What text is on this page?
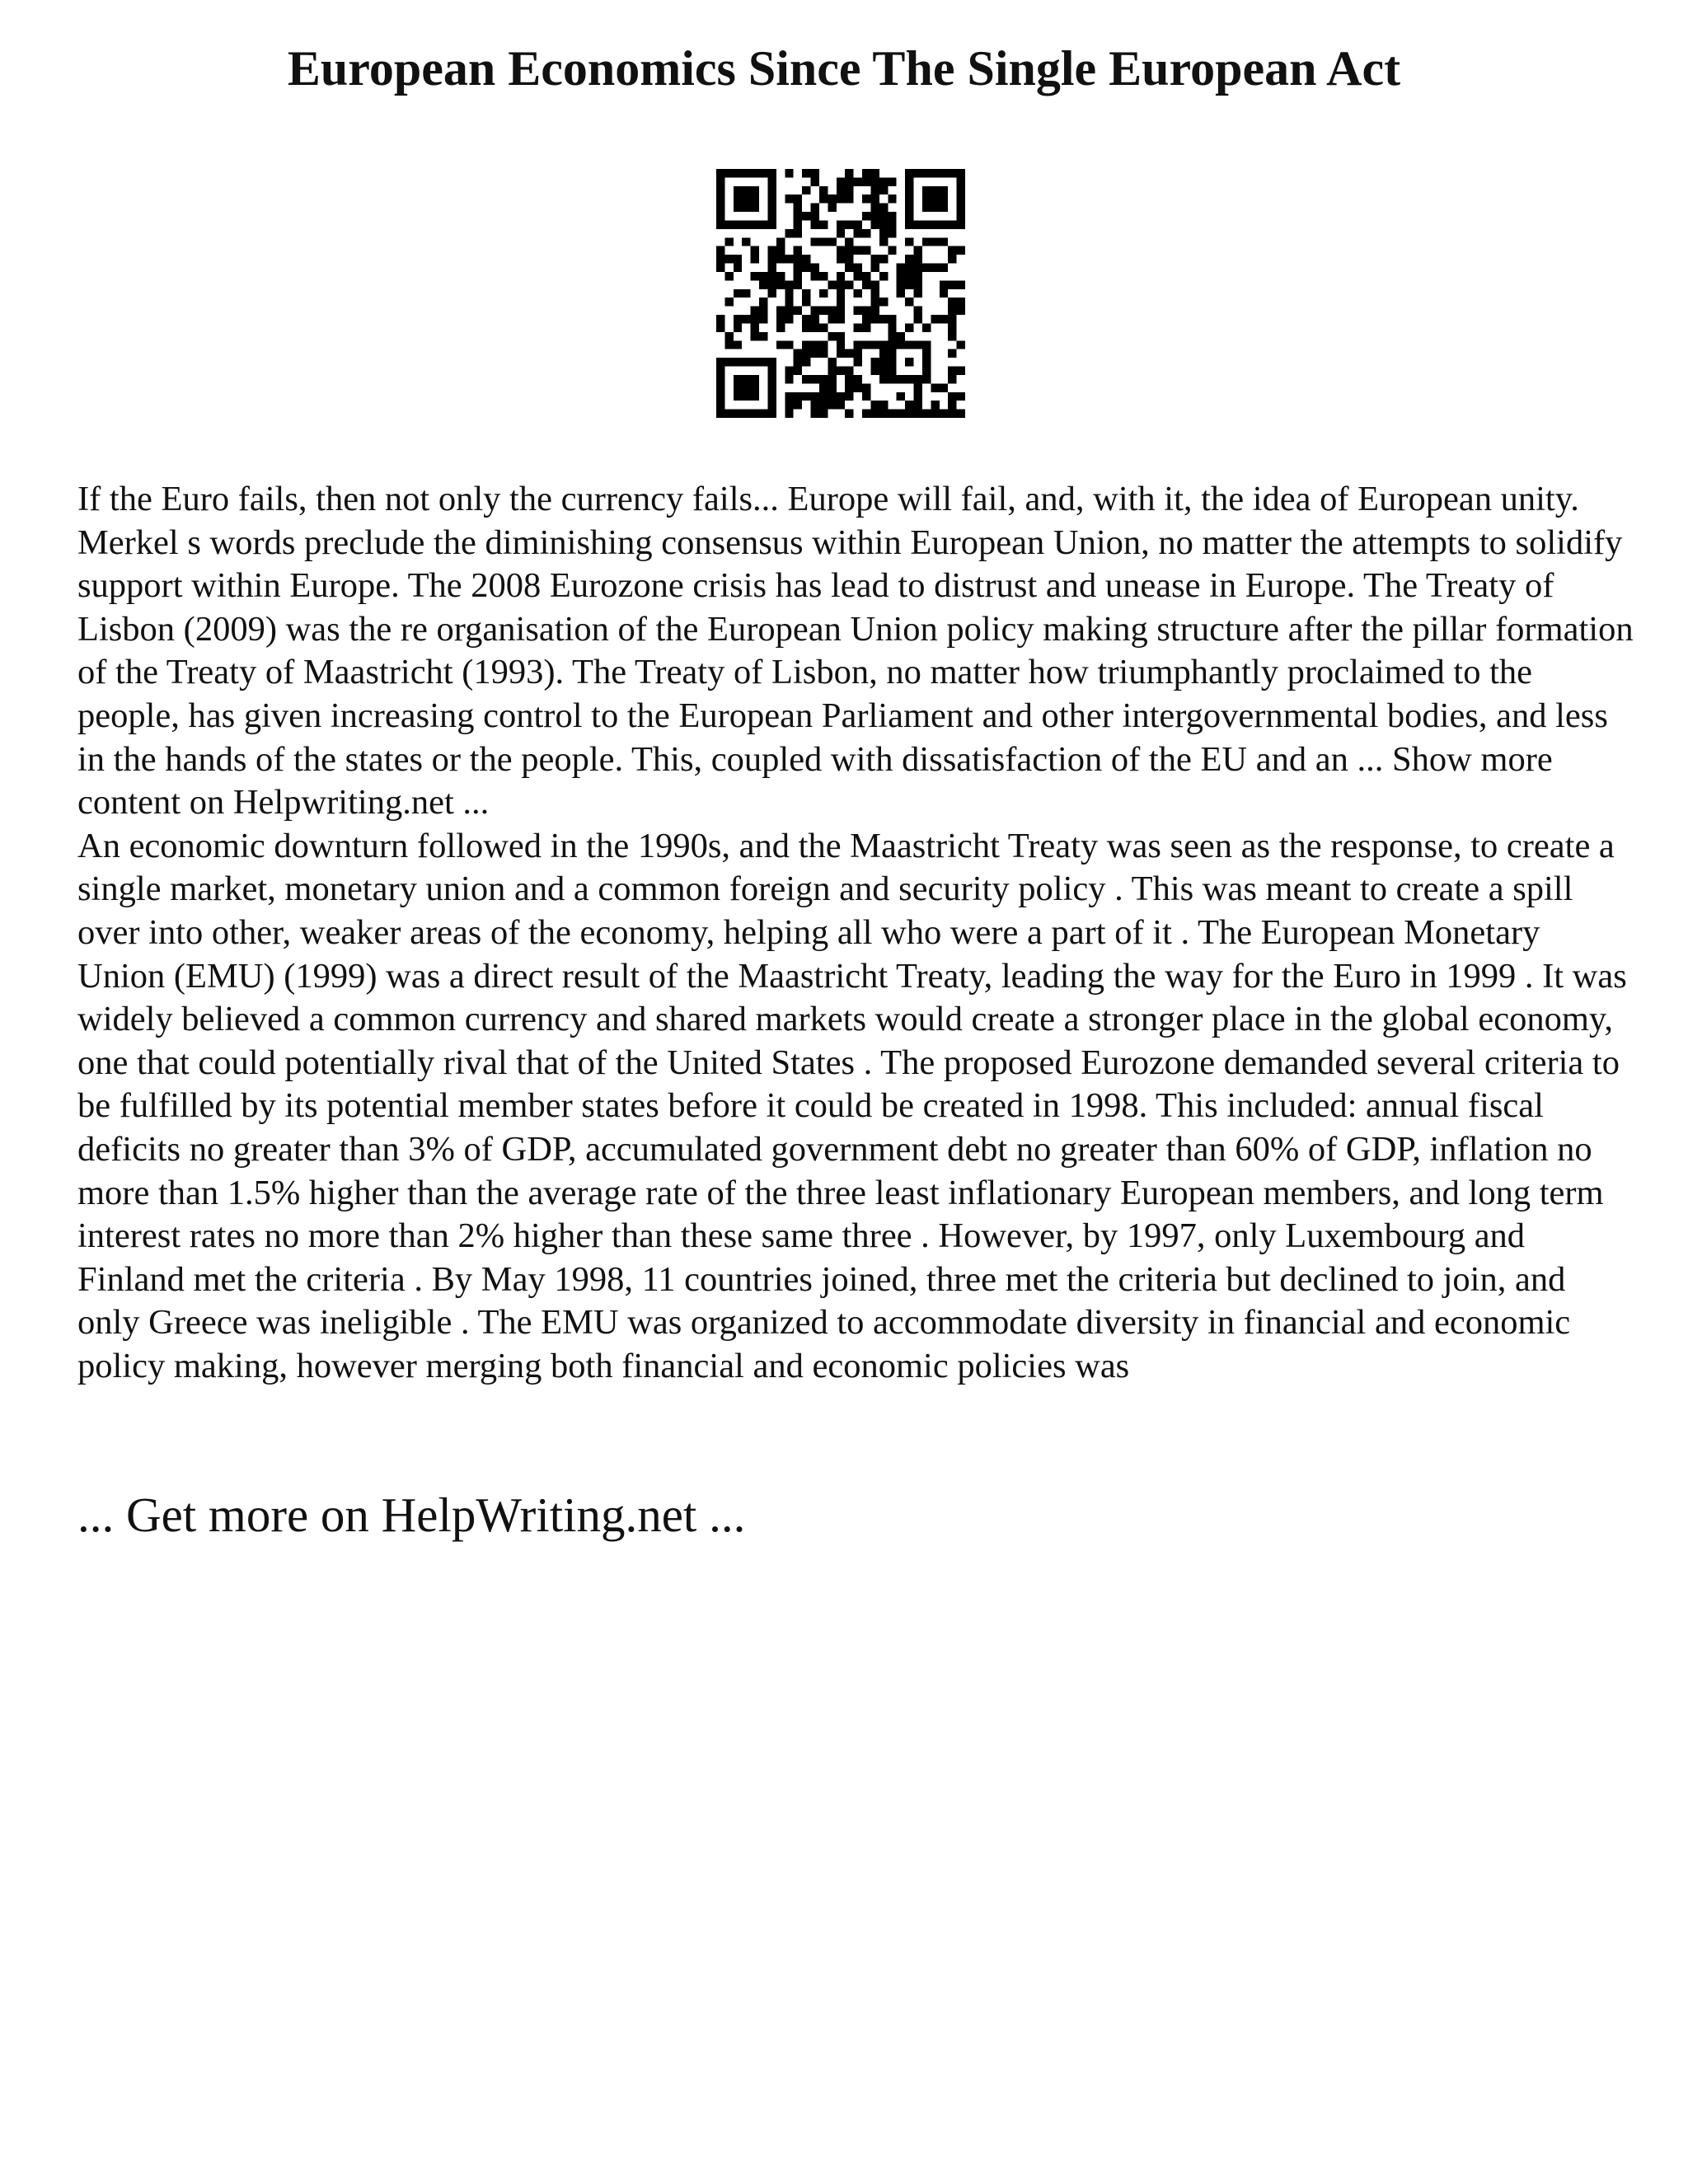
European Economics Since The Single European Act

If the Euro fails, then not only the currency fails... Europe will fail, and, with it, the idea of European unity. Merkel s words preclude the diminishing consensus within European Union, no matter the attempts to solidify support within Europe. The 2008 Eurozone crisis has lead to distrust and unease in Europe. The Treaty of Lisbon (2009) was the re organisation of the European Union policy making structure after the pillar formation of the Treaty of Maastricht (1993). The Treaty of Lisbon, no matter how triumphantly proclaimed to the people, has given increasing control to the European Parliament and other intergovernmental bodies, and less in the hands of the states or the people. This, coupled with dissatisfaction of the EU and an ... Show more content on Helpwriting.net ...

An economic downturn followed in the 1990s, and the Maastricht Treaty was seen as the response, to create a single market, monetary union and a common foreign and security policy . This was meant to create a spill over into other, weaker areas of the economy, helping all who were a part of it . The European Monetary Union (EMU) (1999) was a direct result of the Maastricht Treaty, leading the way for the Euro in 1999 . It was widely believed a common currency and shared markets would create a stronger place in the global economy, one that could potentially rival that of the United States . The proposed Eurozone demanded several criteria to be fulfilled by its potential member states before it could be created in 1998. This included: annual fiscal deficits no greater than 3% of GDP, accumulated government debt no greater than 60% of GDP, inflation no more than 1.5% higher than the average rate of the three least inflationary European members, and long term interest rates no more than 2% higher than these same three . However, by 1997, only Luxembourg and Finland met the criteria . By May 1998, 11 countries joined, three met the criteria but declined to join, and only Greece was ineligible . The EMU was organized to accommodate diversity in financial and economic policy making, however merging both financial and economic policies was

... Get more on HelpWriting.net ...
